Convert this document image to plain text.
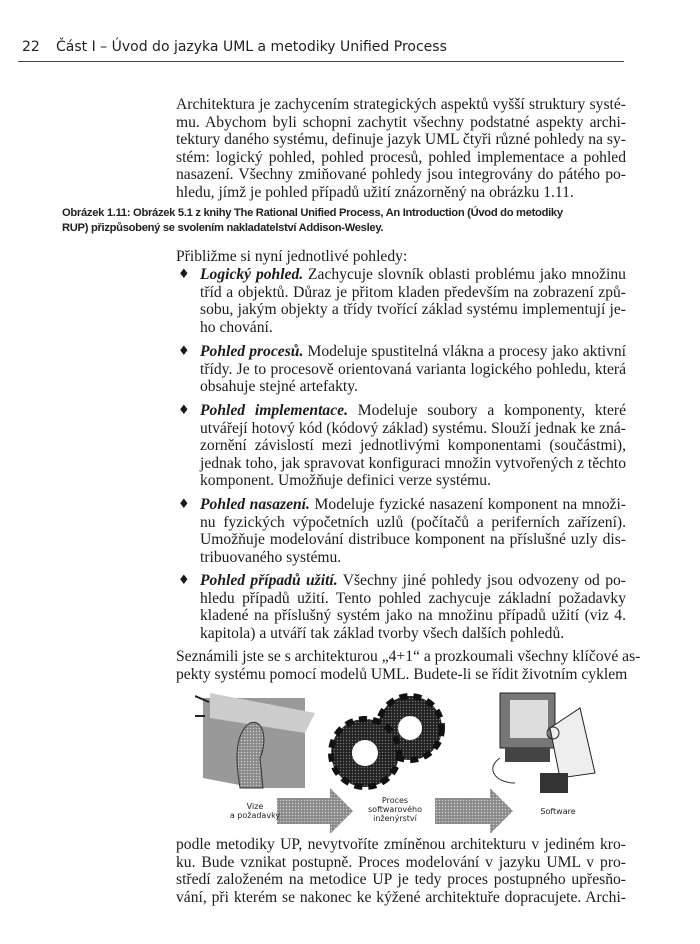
22 Část I – Úvod do jazyka UML a metodiky Unified Process
Architektura je zachycením strategických aspektů vyšší struktury systé-
mu. Abychom byli schopni zachytit všechny podstatné aspekty archi-
tektury daného systému, definuje jazyk UML čtyři různé pohledy na sy-
stém: logický pohled, pohled procesů, pohled implementace a pohled
nasazení. Všechny zmiňované pohledy jsou integrovány do pátého po-
hledu, jímž je pohled případů užití znázorněný na obrázku 1.11.
Obrázek 1.11: Obrázek 5.1 z knihy The Rational Unified Process, An Introduction (Úvod do metodiky
RUP) přizpůsobený se svolením nakladatelství Addison-Wesley.
Přibližme si nyní jednotlivé pohledy:
♦ Logický pohled. Zachycuje slovník oblasti problému jako množinu
tříd a objektů. Důraz je přitom kladen především na zobrazení způ-
sobu, jakým objekty a třídy tvořící základ systému implementují je-
ho chování.
♦ Pohled procesů. Modeluje spustitelná vlákna a procesy jako aktivní
třídy. Je to procesově orientovaná varianta logického pohledu, která
obsahuje stejné artefakty.
♦ Pohled implementace. Modeluje soubory a komponenty, které
utvářejí hotový kód (kódový základ) systému. Slouží jednak ke zná-
zornění závislostí mezi jednotlivými komponentami (součástmi),
jednak toho, jak spravovat konfiguraci množin vytvořených z těchto
komponent. Umožňuje definici verze systému.
♦ Pohled nasazení. Modeluje fyzické nasazení komponent na množi-
nu fyzických výpočetních uzlů (počítačů a periferních zařízení).
Umožňuje modelování distribuce komponent na příslušné uzly dis-
tribuovaného systému.
♦ Pohled případů užití. Všechny jiné pohledy jsou odvozeny od po-
hledu případů užití. Tento pohled zachycuje základní požadavky
kladené na příslušný systém jako na množinu případů užití (viz 4.
kapitola) a utváří tak základ tvorby všech dalších pohledů.
Seznámili jste se s architekturou „4+1“ a prozkoumali všechny klíčové as-
pekty systému pomocí modelů UML. Budete-li se řídit životním cyklem
Vize
a požadavky
Proces
softwarového
inženýrství
Software
podle metodiky UP, nevytvoříte zmíněnou architekturu v jediném kro-
ku. Bude vznikat postupně. Proces modelování v jazyku UML v pro-
středí založeném na metodice UP je tedy proces postupného upřesňo-
vání, při kterém se nakonec ke kýžené architektuře dopracujete. Archi-
